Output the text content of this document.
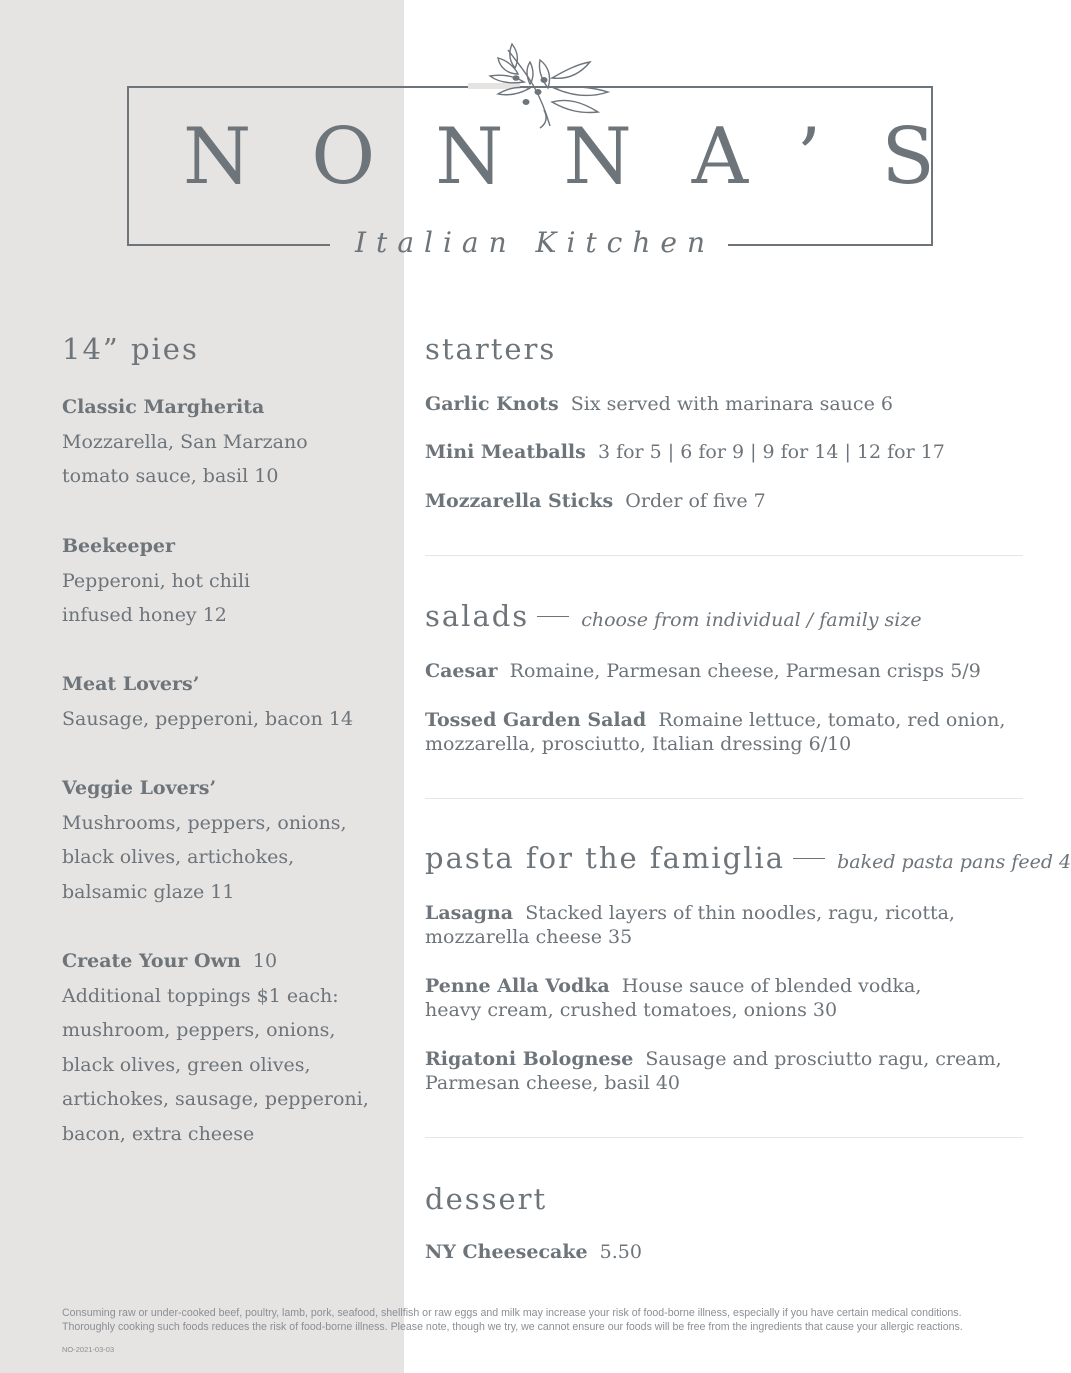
NONNA’S
Italian Kitchen
14” pies
Classic Margherita
Mozzarella, San Marzano
tomato sauce, basil 10
Beekeeper
Pepperoni, hot chili
infused honey 12
Meat Lovers’
Sausage, pepperoni, bacon 14
Veggie Lovers’
Mushrooms, peppers, onions,
black olives, artichokes,
balsamic glaze 11
Create Your Own 10
Additional toppings $1 each:
mushroom, peppers, onions,
black olives, green olives,
artichokes, sausage, pepperoni,
bacon, extra cheese
starters
Garlic Knots Six served with marinara sauce 6
Mini Meatballs 3 for 5 | 6 for 9 | 9 for 14 | 12 for 17
Mozzarella Sticks Order of five 7
salads	choose from individual / family size
Caesar Romaine, Parmesan cheese, Parmesan crisps 5/9
Tossed Garden Salad Romaine lettuce, tomato, red onion,
mozzarella, prosciutto, Italian dressing 6/10
pasta for the famiglia	baked pasta pans feed 4
Lasagna Stacked layers of thin noodles, ragu, ricotta,
mozzarella cheese 35
Penne Alla Vodka House sauce of blended vodka,
heavy cream, crushed tomatoes, onions 30
Rigatoni Bolognese Sausage and prosciutto ragu, cream,
Parmesan cheese, basil 40
dessert
NY Cheesecake 5.50
Consuming raw or under-cooked beef, poultry, lamb, pork, seafood, shellfish or raw eggs and milk may increase your risk of food-borne illness, especially if you have certain medical conditions.
Thoroughly cooking such foods reduces the risk of food-borne illness. Please note, though we try, we cannot ensure our foods will be free from the ingredients that cause your allergic reactions.
NO-2021-03-03
